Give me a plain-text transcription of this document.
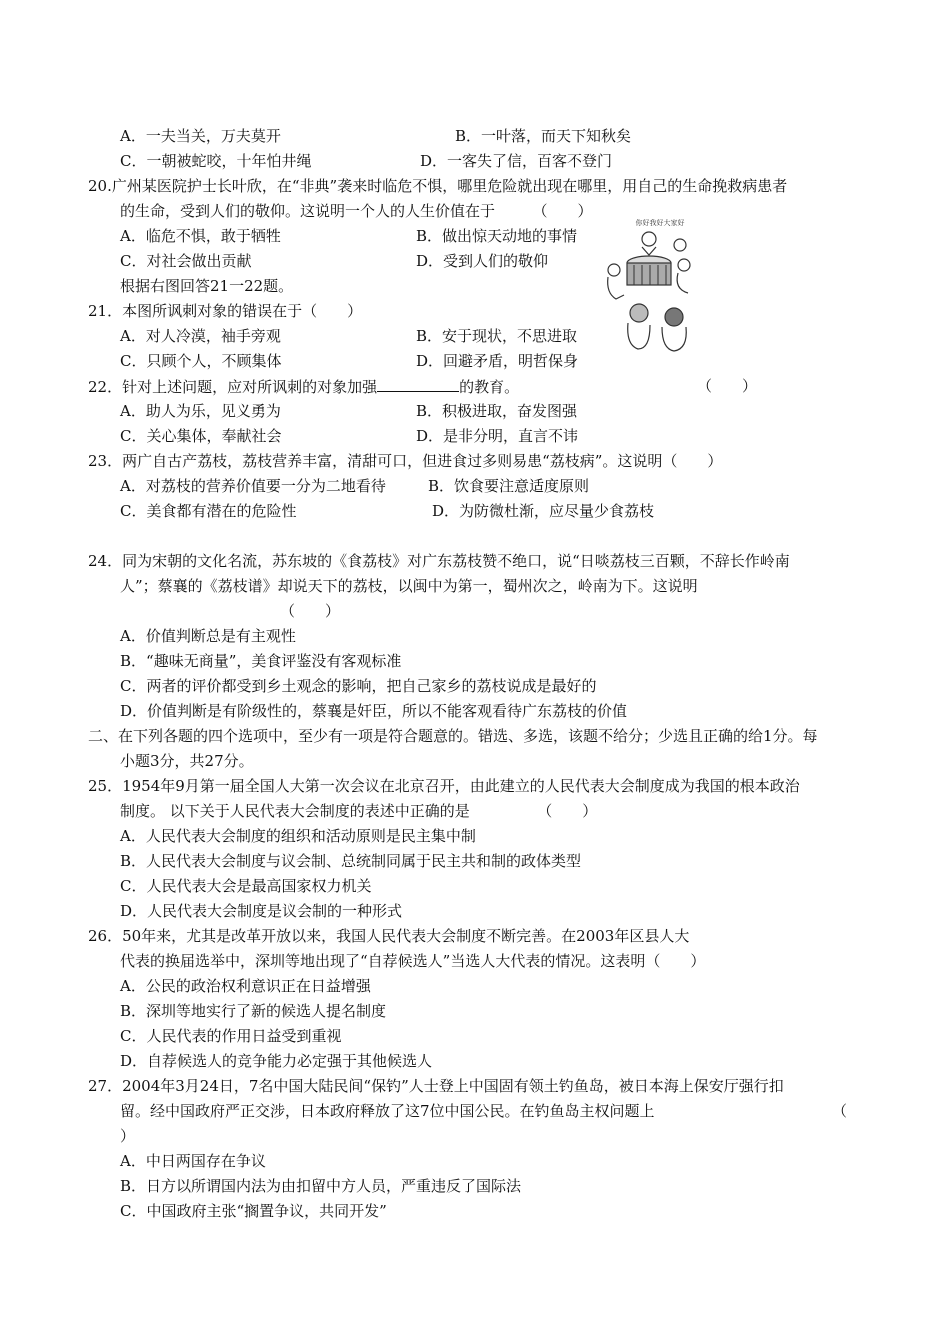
A．一夫当关，万夫莫开	B．一叶落，而天下知秋矣
C．一朝被蛇咬，十年怕井绳	D．一客失了信，百客不登门
20.广州某医院护士长叶欣，在“非典”袭来时临危不惧，哪里危险就出现在哪里，用自己的生命挽救病患者
的生命，受到人们的敬仰。这说明一个人的人生价值在于　　　（　　）
A．临危不惧，敢于牺牲	B．做出惊天动地的事情
C．对社会做出贡献	D．受到人们的敬仰
你好我好大家好
根据右图回答21一22题。
21．本图所讽刺对象的错误在于（　　）
A．对人冷漠，袖手旁观	B．安于现状，不思进取
C．只顾个人，不顾集体	D．回避矛盾，明哲保身
22．针对上述问题，应对所讽刺的对象加强	的教育。	（　　）
A．助人为乐，见义勇为	B．积极进取，奋发图强
C．关心集体，奉献社会	D．是非分明，直言不讳
23．两广自古产荔枝，荔枝营养丰富，清甜可口，但进食过多则易患“荔枝病”。这说明（　　）
A．对荔枝的营养价值要一分为二地看待	B．饮食要注意适度原则
C．美食都有潜在的危险性	D．为防微杜渐，应尽量少食荔枝
24．同为宋朝的文化名流，苏东坡的《食荔枝》对广东荔枝赞不绝口，说“日啖荔枝三百颗，不辞长作岭南
人”；蔡襄的《荔枝谱》却说天下的荔枝，以闽中为第一，蜀州次之，岭南为下。这说明
（　　）
A．价值判断总是有主观性
B．“趣味无商量”，美食评鉴没有客观标准
C．两者的评价都受到乡土观念的影响，把自己家乡的荔枝说成是最好的
D．价值判断是有阶级性的，蔡襄是奸臣，所以不能客观看待广东荔枝的价值
二、在下列各题的四个选项中，至少有一项是符合题意的。错选、多选，该题不给分；少选且正确的给1分。每
小题3分，共27分。
25．1954年9月第一届全国人大第一次会议在北京召开，由此建立的人民代表大会制度成为我国的根本政治
制度。 以下关于人民代表大会制度的表述中正确的是　　　　　（　　）
A．人民代表大会制度的组织和活动原则是民主集中制
B．人民代表大会制度与议会制、总统制同属于民主共和制的政体类型
C．人民代表大会是最高国家权力机关
D．人民代表大会制度是议会制的一种形式
26．50年来，尤其是改革开放以来，我国人民代表大会制度不断完善。在2003年区县人大
代表的换届选举中，深圳等地出现了“自荐候选人”当选人大代表的情况。这表明（　　）
A．公民的政治权利意识正在日益增强
B．深圳等地实行了新的候选人提名制度
C．人民代表的作用日益受到重视
D．自荐候选人的竞争能力必定强于其他候选人
27．2004年3月24日，7名中国大陆民间“保钓”人士登上中国固有领土钓鱼岛，被日本海上保安厅强行扣
留。经中国政府严正交涉，日本政府释放了这7位中国公民。在钓鱼岛主权问题上	（
）
A．中日两国存在争议
B．日方以所谓国内法为由扣留中方人员，严重违反了国际法
C．中国政府主张“搁置争议，共同开发”
